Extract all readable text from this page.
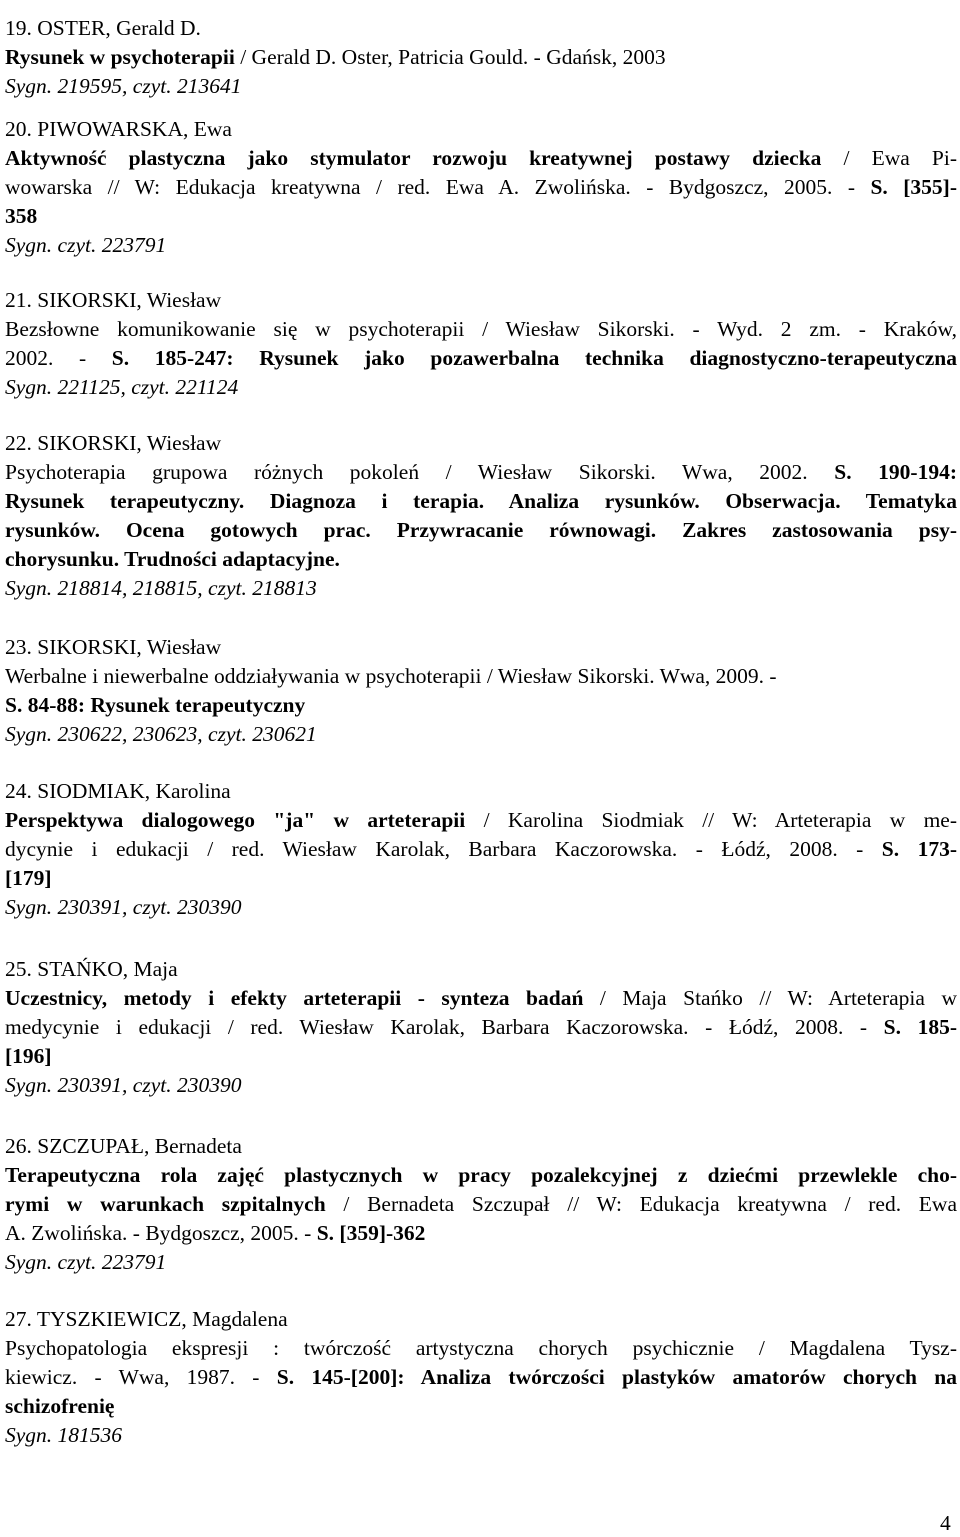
19. OSTER, Gerald D.
Rysunek w psychoterapii / Gerald D. Oster, Patricia Gould. - Gdańsk, 2003
Sygn. 219595, czyt. 213641
20. PIWOWARSKA, Ewa
Aktywność plastyczna jako stymulator rozwoju kreatywnej postawy dziecka / Ewa Pi-
wowarska // W: Edukacja kreatywna / red. Ewa A. Zwolińska. - Bydgoszcz, 2005. - S. [355]-
358
Sygn. czyt. 223791
21. SIKORSKI, Wiesław
Bezsłowne komunikowanie się w psychoterapii / Wiesław Sikorski. - Wyd. 2 zm. - Kraków,
2002. - S. 185-247: Rysunek jako pozawerbalna technika diagnostyczno-terapeutyczna
Sygn. 221125, czyt. 221124
22. SIKORSKI, Wiesław
Psychoterapia grupowa różnych pokoleń / Wiesław Sikorski. Wwa, 2002. S. 190-194:
Rysunek terapeutyczny. Diagnoza i terapia. Analiza rysunków. Obserwacja. Tematyka
rysunków. Ocena gotowych prac. Przywracanie równowagi. Zakres zastosowania psy-
chorysunku. Trudności adaptacyjne.
Sygn. 218814, 218815, czyt. 218813
23. SIKORSKI, Wiesław
Werbalne i niewerbalne oddziaływania w psychoterapii / Wiesław Sikorski. Wwa, 2009. -
S. 84-88: Rysunek terapeutyczny
Sygn. 230622, 230623, czyt. 230621
24. SIODMIAK, Karolina
Perspektywa dialogowego "ja" w arteterapii / Karolina Siodmiak // W: Arteterapia w me-
dycynie i edukacji / red. Wiesław Karolak, Barbara Kaczorowska. - Łódź, 2008. - S. 173-
[179]
Sygn. 230391, czyt. 230390
25. STAŃKO, Maja
Uczestnicy, metody i efekty arteterapii - synteza badań / Maja Stańko // W: Arteterapia w
medycynie i edukacji / red. Wiesław Karolak, Barbara Kaczorowska. - Łódź, 2008. - S. 185-
[196]
Sygn. 230391, czyt. 230390
26. SZCZUPAŁ, Bernadeta
Terapeutyczna rola zajęć plastycznych w pracy pozalekcyjnej z dziećmi przewlekle cho-
rymi w warunkach szpitalnych / Bernadeta Szczupał // W: Edukacja kreatywna / red. Ewa
A. Zwolińska. - Bydgoszcz, 2005. - S. [359]-362
Sygn. czyt. 223791
27. TYSZKIEWICZ, Magdalena
Psychopatologia ekspresji : twórczość artystyczna chorych psychicznie / Magdalena Tysz-
kiewicz. - Wwa, 1987. - S. 145-[200]: Analiza twórczości plastyków amatorów chorych na
schizofrenię
Sygn. 181536
4
